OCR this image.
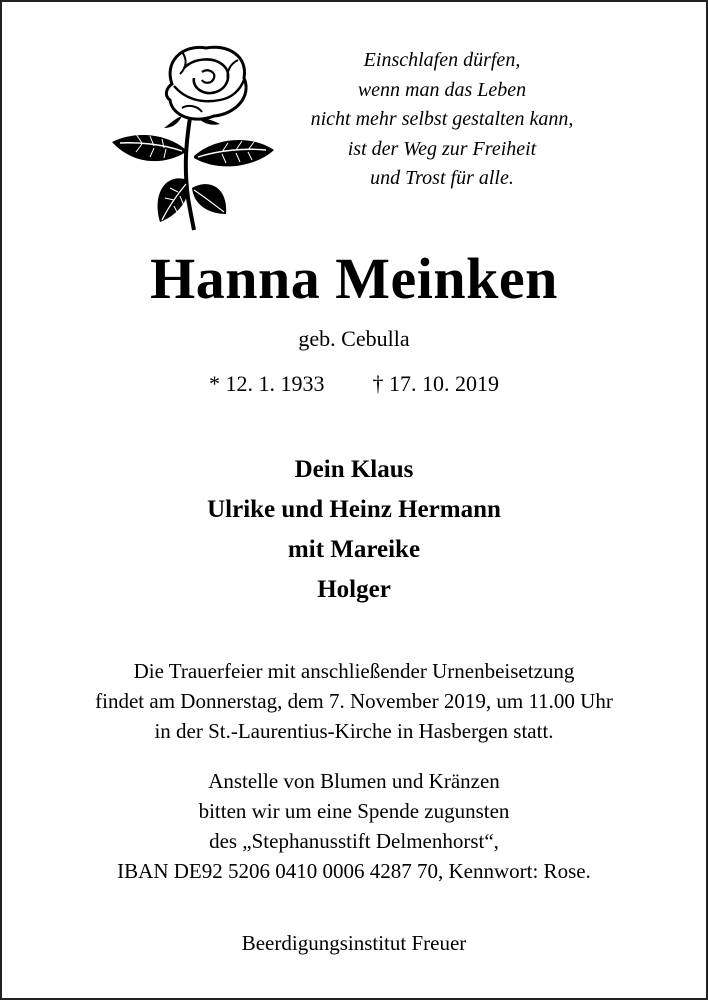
Einschlafen dürfen,
wenn man das Leben
nicht mehr selbst gestalten kann,
ist der Weg zur Freiheit
und Trost für alle.
Hanna Meinken
geb. Cebulla
* 12. 1. 1933 † 17. 10. 2019
Dein Klaus
Ulrike und Heinz Hermann
mit Mareike
Holger
Die Trauerfeier mit anschließender Urnenbeisetzung
findet am Donnerstag, dem 7. November 2019, um 11.00 Uhr
in der St.-Laurentius-Kirche in Hasbergen statt.
Anstelle von Blumen und Kränzen
bitten wir um eine Spende zugunsten
des „Stephanusstift Delmenhorst“,
IBAN DE92 5206 0410 0006 4287 70, Kennwort: Rose.
Beerdigungsinstitut Freuer
